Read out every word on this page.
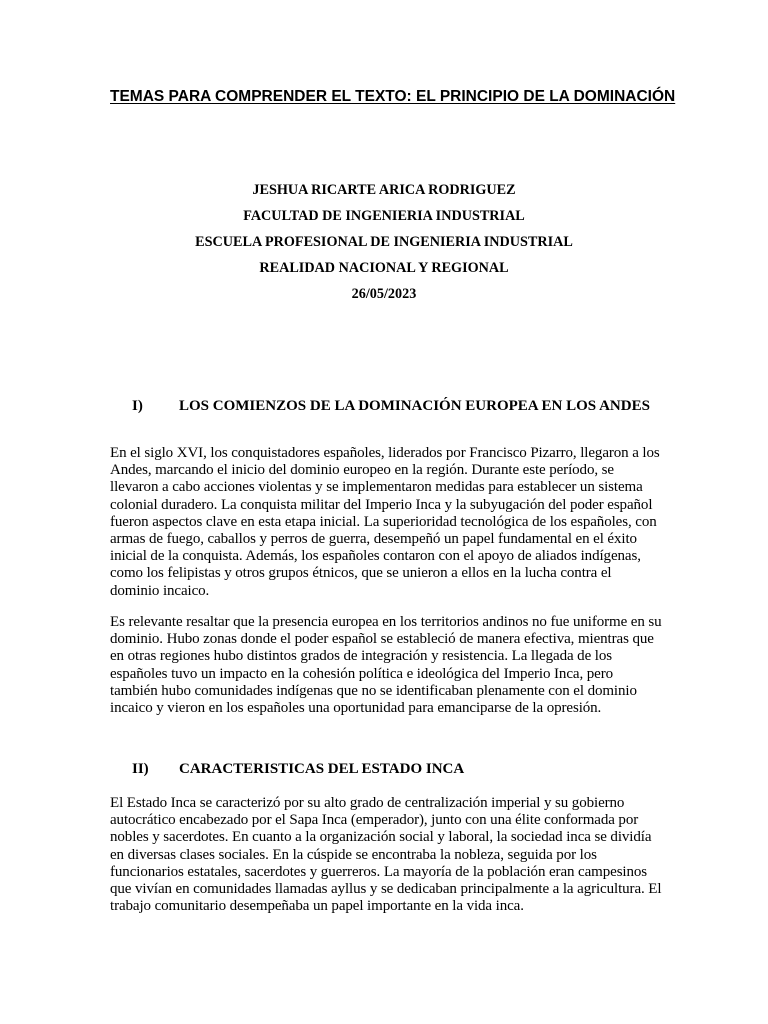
TEMAS PARA COMPRENDER EL TEXTO: EL PRINCIPIO DE LA DOMINACIÓN

JESHUA RICARTE ARICA RODRIGUEZ

FACULTAD DE INGENIERIA INDUSTRIAL

ESCUELA PROFESIONAL DE INGENIERIA INDUSTRIAL

REALIDAD NACIONAL Y REGIONAL

26/05/2023

I) LOS COMIENZOS DE LA DOMINACIÓN EUROPEA EN LOS ANDES

En el siglo XVI, los conquistadores españoles, liderados por Francisco Pizarro, llegaron a los Andes, marcando el inicio del dominio europeo en la región. Durante este período, se llevaron a cabo acciones violentas y se implementaron medidas para establecer un sistema colonial duradero. La conquista militar del Imperio Inca y la subyugación del poder español fueron aspectos clave en esta etapa inicial. La superioridad tecnológica de los españoles, con armas de fuego, caballos y perros de guerra, desempeñó un papel fundamental en el éxito inicial de la conquista. Además, los españoles contaron con el apoyo de aliados indígenas, como los felipistas y otros grupos étnicos, que se unieron a ellos en la lucha contra el dominio incaico.

Es relevante resaltar que la presencia europea en los territorios andinos no fue uniforme en su dominio. Hubo zonas donde el poder español se estableció de manera efectiva, mientras que en otras regiones hubo distintos grados de integración y resistencia. La llegada de los españoles tuvo un impacto en la cohesión política e ideológica del Imperio Inca, pero también hubo comunidades indígenas que no se identificaban plenamente con el dominio incaico y vieron en los españoles una oportunidad para emanciparse de la opresión.

II) CARACTERISTICAS DEL ESTADO INCA

El Estado Inca se caracterizó por su alto grado de centralización imperial y su gobierno autocrático encabezado por el Sapa Inca (emperador), junto con una élite conformada por nobles y sacerdotes. En cuanto a la organización social y laboral, la sociedad inca se dividía en diversas clases sociales. En la cúspide se encontraba la nobleza, seguida por los funcionarios estatales, sacerdotes y guerreros. La mayoría de la población eran campesinos que vivían en comunidades llamadas ayllus y se dedicaban principalmente a la agricultura. El trabajo comunitario desempeñaba un papel importante en la vida inca.
